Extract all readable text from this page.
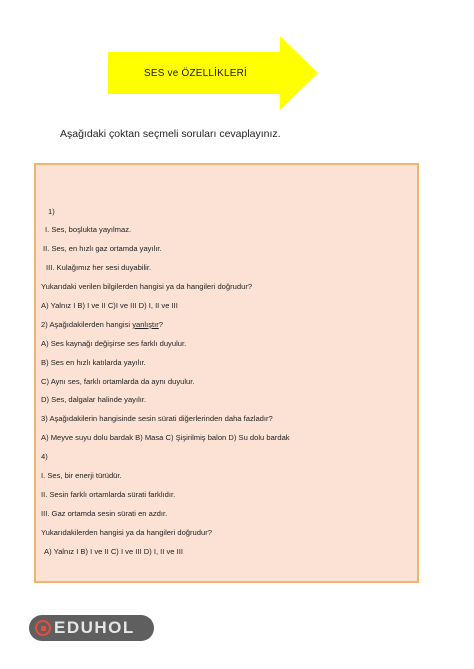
SES ve ÖZELLİKLERİ
Aşağıdaki çoktan seçmeli soruları cevaplayınız.
1)
I. Ses, boşlukta yayılmaz.
II. Ses, en hızlı gaz ortamda yayılır.
III. Kulağımız her sesi duyabilir.
Yukarıdaki verilen bilgilerden hangisi ya da hangileri doğrudur?
A) Yalnız I B) I ve II C)I ve III D) I, II ve III
2) Aşağıdakilerden hangisi yanlıştır?
A) Ses kaynağı değişirse ses farklı duyulur.
B) Ses en hızlı katılarda yayılır.
C) Aynı ses, farklı ortamlarda da aynı duyulur.
D) Ses, dalgalar halinde yayılır.
3) Aşağıdakilerin hangisinde sesin sürati diğerlerinden daha fazladır?
A) Meyve suyu dolu bardak B) Masa C) Şişirilmiş balon D) Su dolu bardak
4)
I. Ses, bir enerji türüdür.
II. Sesin farklı ortamlarda sürati farklıdır.
III. Gaz ortamda sesin sürati en azdır.
Yukarıdakilerden hangisi ya da hangileri doğrudur?
A) Yalnız I B) I ve II C) I ve III D) I, II ve III
EDUHOL
